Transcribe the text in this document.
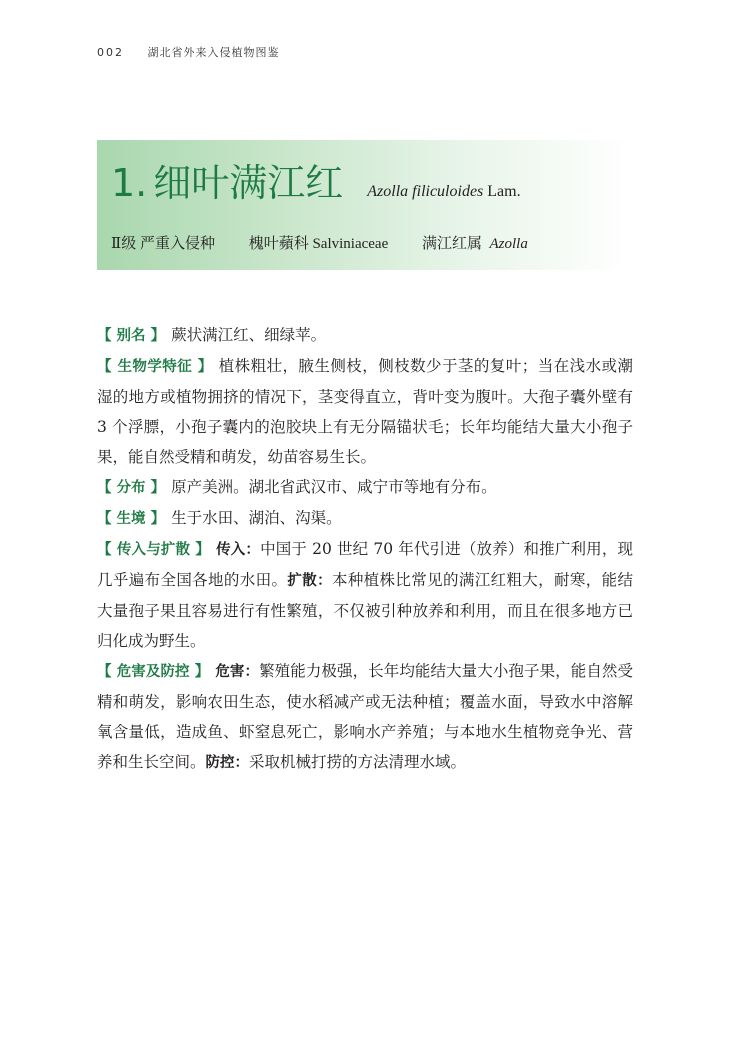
002 湖北省外来入侵植物图鉴
1. 细叶满江红 Azolla filiculoides Lam.
Ⅱ级 严重入侵种 槐叶蘋科 Salviniaceae 满江红属 Azolla

【 别名 】 蕨状满江红、细绿苹。

【 生物学特征 】 植株粗壮，腋生侧枝，侧枝数少于茎的复叶；当在浅水或潮湿的地方或植物拥挤的情况下，茎变得直立，背叶变为腹叶。大孢子囊外壁有 3 个浮膘，小孢子囊内的泡胶块上有无分隔锚状毛；长年均能结大量大小孢子果，能自然受精和萌发，幼苗容易生长。

【 分布 】 原产美洲。湖北省武汉市、咸宁市等地有分布。

【 生境 】 生于水田、湖泊、沟渠。

【 传入与扩散 】 传入：中国于 20 世纪 70 年代引进（放养）和推广利用，现几乎遍布全国各地的水田。扩散：本种植株比常见的满江红粗大，耐寒，能结大量孢子果且容易进行有性繁殖，不仅被引种放养和利用，而且在很多地方已归化成为野生。

【 危害及防控 】 危害：繁殖能力极强，长年均能结大量大小孢子果，能自然受精和萌发，影响农田生态，使水稻减产或无法种植；覆盖水面，导致水中溶解氧含量低，造成鱼、虾窒息死亡，影响水产养殖；与本地水生植物竞争光、营养和生长空间。防控：采取机械打捞的方法清理水域。
